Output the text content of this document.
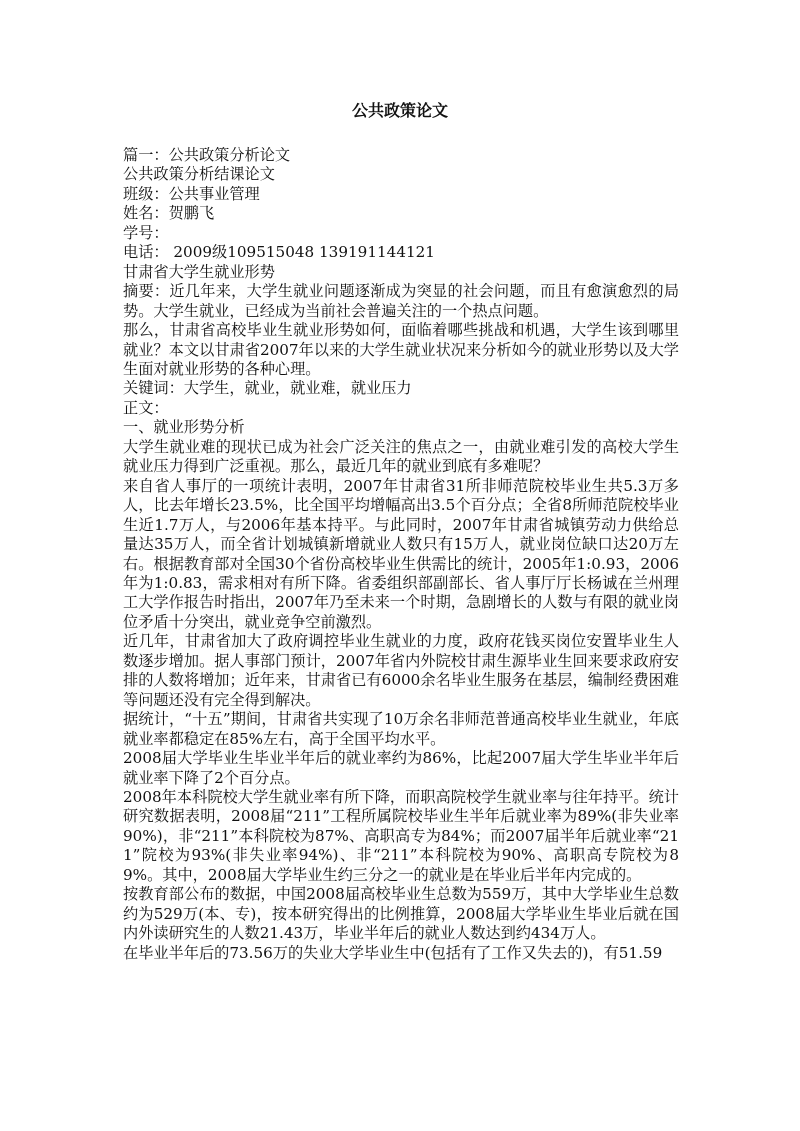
公共政策论文

篇一：公共政策分析论文

公共政策分析结课论文

班级：公共事业管理

姓名：贺鹏飞

学号：

电话： 2009级109515048 139191144121

甘肃省大学生就业形势

摘要：近几年来，大学生就业问题逐渐成为突显的社会问题，而且有愈演愈烈的局势。大学生就业，已经成为当前社会普遍关注的一个热点问题。

那么，甘肃省高校毕业生就业形势如何，面临着哪些挑战和机遇，大学生该到哪里就业？本文以甘肃省2007年以来的大学生就业状况来分析如今的就业形势以及大学生面对就业形势的各种心理。

关键词：大学生，就业，就业难，就业压力

正文：

一、就业形势分析

大学生就业难的现状已成为社会广泛关注的焦点之一，由就业难引发的高校大学生就业压力得到广泛重视。那么，最近几年的就业到底有多难呢？

来自省人事厅的一项统计表明，2007年甘肃省31所非师范院校毕业生共5.3万多人，比去年增长23.5%，比全国平均增幅高出3.5个百分点；全省8所师范院校毕业生近1.7万人，与2006年基本持平。与此同时，2007年甘肃省城镇劳动力供给总量达35万人，而全省计划城镇新增就业人数只有15万人，就业岗位缺口达20万左右。根据教育部对全国30个省份高校毕业生供需比的统计，2005年1:0.93，2006年为1:0.83，需求相对有所下降。省委组织部副部长、省人事厅厅长杨诚在兰州理工大学作报告时指出，2007年乃至未来一个时期，急剧增长的人数与有限的就业岗位矛盾十分突出，就业竞争空前激烈。

近几年，甘肃省加大了政府调控毕业生就业的力度，政府花钱买岗位安置毕业生人数逐步增加。据人事部门预计，2007年省内外院校甘肃生源毕业生回来要求政府安排的人数将增加；近年来，甘肃省已有6000余名毕业生服务在基层，编制经费困难等问题还没有完全得到解决。

据统计，“十五”期间，甘肃省共实现了10万余名非师范普通高校毕业生就业，年底就业率都稳定在85%左右，高于全国平均水平。

2008届大学毕业生毕业半年后的就业率约为86%，比起2007届大学生毕业半年后就业率下降了2个百分点。

2008年本科院校大学生就业率有所下降，而职高院校学生就业率与往年持平。统计研究数据表明，2008届“211”工程所属院校毕业生半年后就业率为89%(非失业率90%)，非“211”本科院校为87%、高职高专为84%；而2007届半年后就业率“211”院校为93%(非失业率94%)、非“211”本科院校为90%、高职高专院校为89%。其中，2008届大学毕业生约三分之一的就业是在毕业后半年内完成的。

按教育部公布的数据，中国2008届高校毕业生总数为559万，其中大学毕业生总数约为529万(本、专)，按本研究得出的比例推算，2008届大学毕业生毕业后就在国内外读研究生的人数21.43万，毕业半年后的就业人数达到约434万人。

在毕业半年后的73.56万的失业大学毕业生中(包括有了工作又失去的)，有51.59
